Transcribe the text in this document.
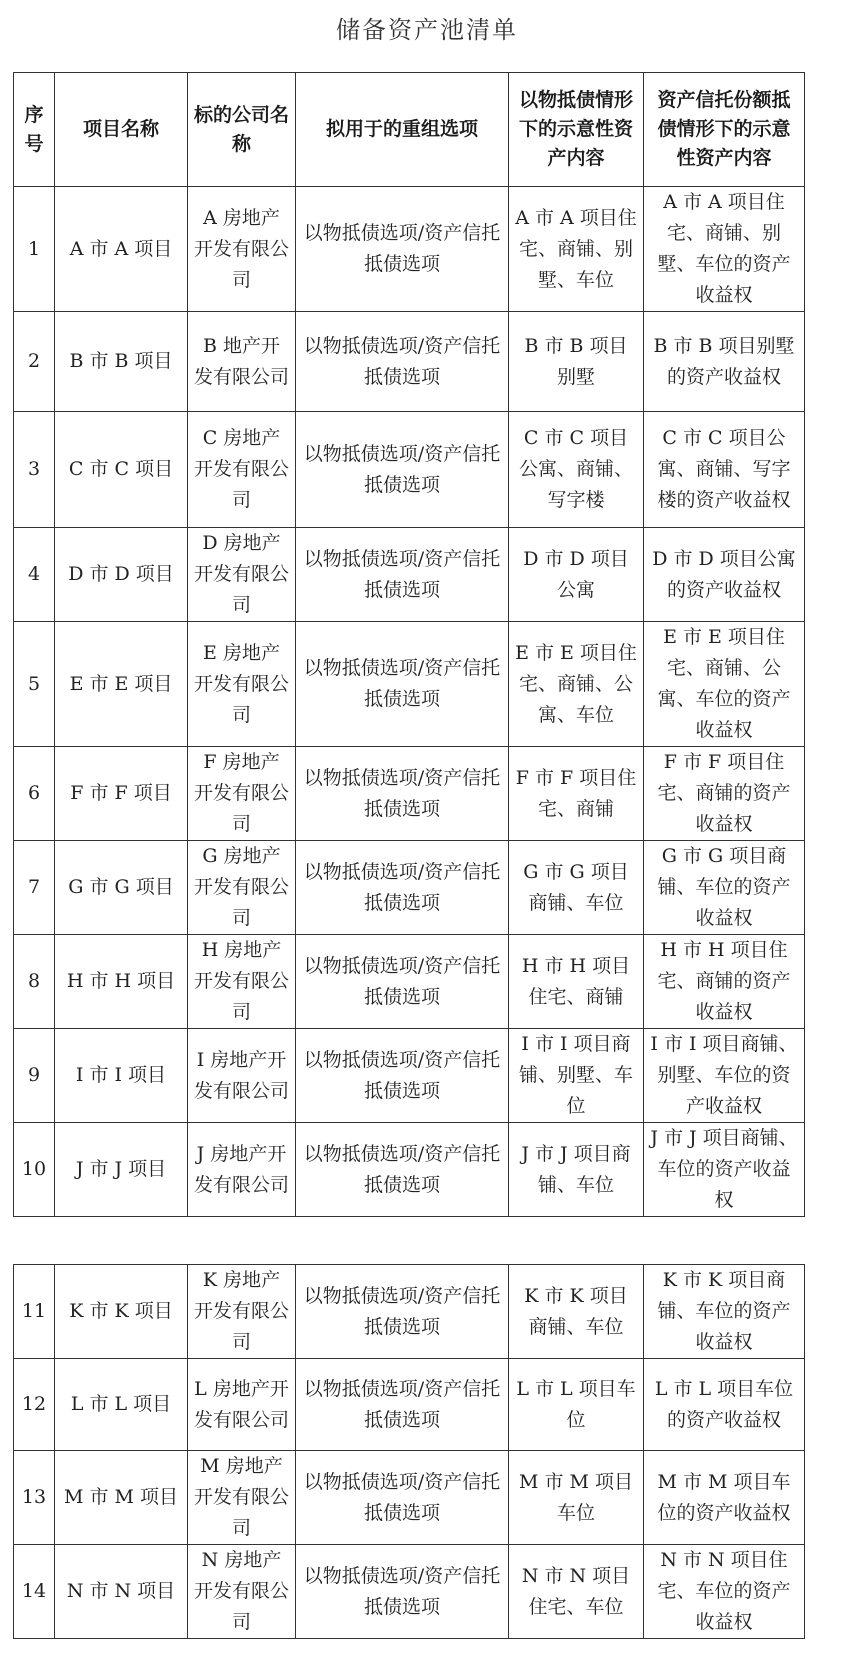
储备资产池清单
序号	项目名称	标的公司名称	拟用于的重组选项	以物抵债情形下的示意性资产内容	资产信托份额抵债情形下的示意性资产内容
1	A 市 A 项目	A 房地产开发有限公司	以物抵债选项/资产信托抵债选项	A 市 A 项目住宅、商铺、别墅、车位	A 市 A 项目住宅、商铺、别墅、车位的资产收益权
2	B 市 B 项目	B 地产开发有限公司	以物抵债选项/资产信托抵债选项	B 市 B 项目别墅	B 市 B 项目别墅的资产收益权
3	C 市 C 项目	C 房地产开发有限公司	以物抵债选项/资产信托抵债选项	C 市 C 项目公寓、商铺、写字楼	C 市 C 项目公寓、商铺、写字楼的资产收益权
4	D 市 D 项目	D 房地产开发有限公司	以物抵债选项/资产信托抵债选项	D 市 D 项目公寓	D 市 D 项目公寓的资产收益权
5	E 市 E 项目	E 房地产开发有限公司	以物抵债选项/资产信托抵债选项	E 市 E 项目住宅、商铺、公寓、车位	E 市 E 项目住宅、商铺、公寓、车位的资产收益权
6	F 市 F 项目	F 房地产开发有限公司	以物抵债选项/资产信托抵债选项	F 市 F 项目住宅、商铺	F 市 F 项目住宅、商铺的资产收益权
7	G 市 G 项目	G 房地产开发有限公司	以物抵债选项/资产信托抵债选项	G 市 G 项目商铺、车位	G 市 G 项目商铺、车位的资产收益权
8	H 市 H 项目	H 房地产开发有限公司	以物抵债选项/资产信托抵债选项	H 市 H 项目住宅、商铺	H 市 H 项目住宅、商铺的资产收益权
9	I 市 I 项目	I 房地产开发有限公司	以物抵债选项/资产信托抵债选项	I 市 I 项目商铺、别墅、车位	I 市 I 项目商铺、别墅、车位的资产收益权
10	J 市 J 项目	J 房地产开发有限公司	以物抵债选项/资产信托抵债选项	J 市 J 项目商铺、车位	J 市 J 项目商铺、车位的资产收益权
11	K 市 K 项目	K 房地产开发有限公司	以物抵债选项/资产信托抵债选项	K 市 K 项目商铺、车位	K 市 K 项目商铺、车位的资产收益权
12	L 市 L 项目	L 房地产开发有限公司	以物抵债选项/资产信托抵债选项	L 市 L 项目车位	L 市 L 项目车位的资产收益权
13	M 市 M 项目	M 房地产开发有限公司	以物抵债选项/资产信托抵债选项	M 市 M 项目车位	M 市 M 项目车位的资产收益权
14	N 市 N 项目	N 房地产开发有限公司	以物抵债选项/资产信托抵债选项	N 市 N 项目住宅、车位	N 市 N 项目住宅、车位的资产收益权
